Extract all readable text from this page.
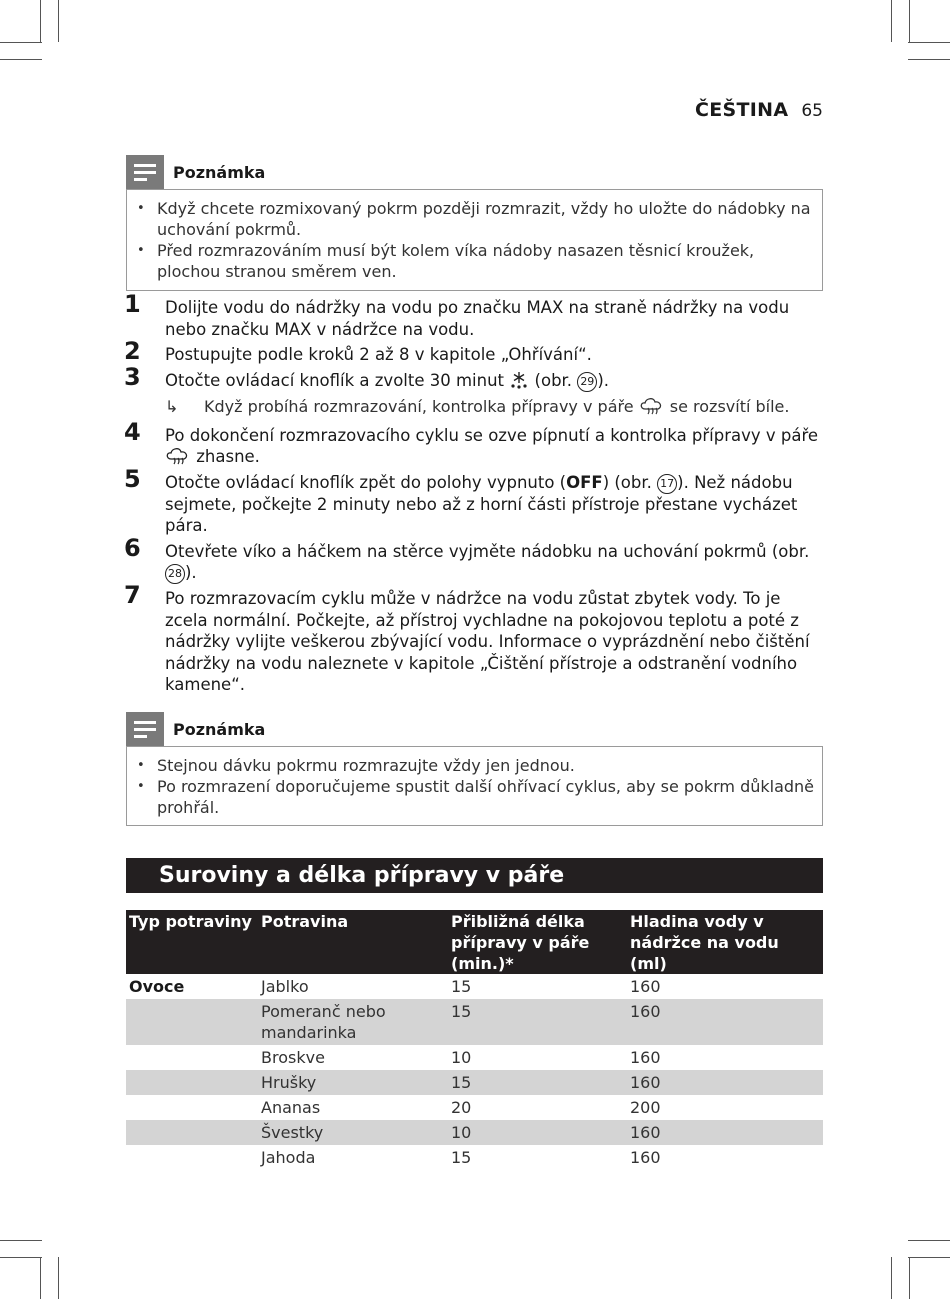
ČEŠTINA 65
Poznámka
• Když chcete rozmixovaný pokrm později rozmrazit, vždy ho uložte do nádobky na uchování pokrmů.
• Před rozmrazováním musí být kolem víka nádoby nasazen těsnicí kroužek, plochou stranou směrem ven.
1 Dolijte vodu do nádržky na vodu po značku MAX na straně nádržky na vodu nebo značku MAX v nádržce na vodu.
2 Postupujte podle kroků 2 až 8 v kapitole „Ohřívání“.
3 Otočte ovládací knoflík a zvolte 30 minut (obr. 29 ).
↳ Když probíhá rozmrazování, kontrolka přípravy v páře se rozsvítí bíle.
4 Po dokončení rozmrazovacího cyklu se ozve pípnutí a kontrolka přípravy v páře  zhasne.
5 Otočte ovládací knoflík zpět do polohy vypnuto (OFF) (obr. 17 ). Než nádobu sejmete, počkejte 2 minuty nebo až z horní části přístroje přestane vycházet pára.
6 Otevřete víko a háčkem na stěrce vyjměte nádobku na uchování pokrmů (obr. 28 ).
7 Po rozmrazovacím cyklu může v nádržce na vodu zůstat zbytek vody. To je zcela normální. Počkejte, až přístroj vychladne na pokojovou teplotu a poté z nádržky vylijte veškerou zbývající vodu. Informace o vyprázdnění nebo čištění nádržky na vodu naleznete v kapitole „Čištění přístroje a odstranění vodního kamene“.
Poznámka
• Stejnou dávku pokrmu rozmrazujte vždy jen jednou.
• Po rozmrazení doporučujeme spustit další ohřívací cyklus, aby se pokrm důkladně prohřál.
Suroviny a délka přípravy v páře
Typ potraviny	Potravina	Přibližná délka přípravy v páře (min.)*	Hladina vody v nádržce na vodu (ml)
Ovoce	Jablko	15	160
	Pomeranč nebo mandarinka	15	160
	Broskve	10	160
	Hrušky	15	160
	Ananas	20	200
	Švestky	10	160
	Jahoda	15	160
